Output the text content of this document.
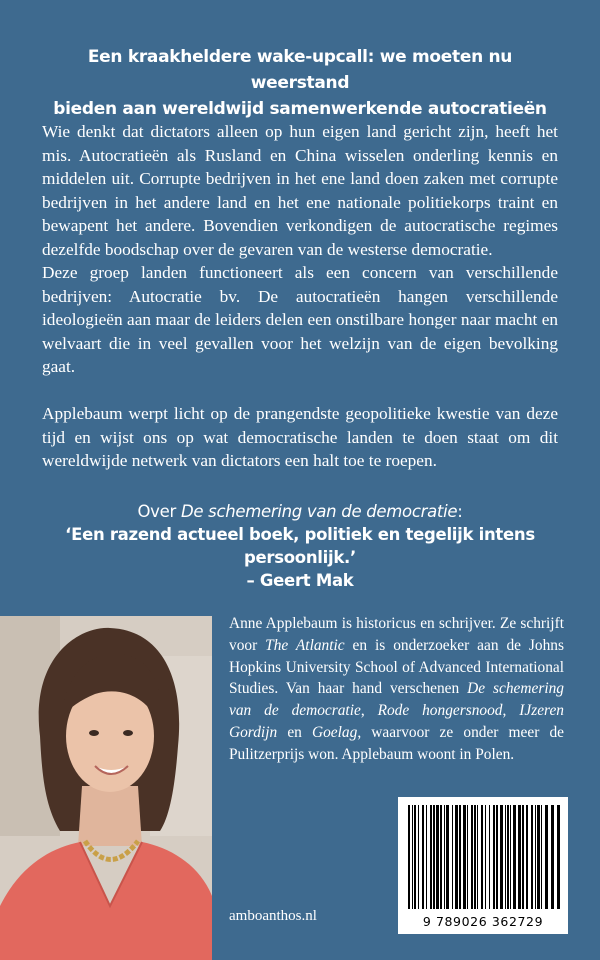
Een kraakheldere wake-upcall: we moeten nu weerstand
bieden aan wereldwijd samenwerkende autocratieën

Wie denkt dat dictators alleen op hun eigen land gericht zijn, heeft het mis. Autocratieën als Rusland en China wisselen onderling kennis en middelen uit. Corrupte bedrijven in het ene land doen zaken met corrupte bedrijven in het andere land en het ene nationale politiekorps traint en bewapent het andere. Bovendien verkondigen de autocratische regimes dezelfde boodschap over de gevaren van de westerse democratie.

Deze groep landen functioneert als een concern van verschillende bedrijven: Autocratie bv. De autocratieën hangen verschillende ideologieën aan maar de leiders delen een onstilbare honger naar macht en welvaart die in veel gevallen voor het welzijn van de eigen bevolking gaat.

Applebaum werpt licht op de prangendste geopolitieke kwestie van deze tijd en wijst ons op wat democratische landen te doen staat om dit wereldwijde netwerk van dictators een halt toe te roepen.

Over De schemering van de democratie:
‘Een razend actueel boek, politiek en tegelijk intens persoonlijk.’
– Geert Mak

Anne Applebaum is historicus en schrijver. Ze schrijft voor The Atlantic en is onderzoeker aan de Johns Hopkins University School of Advanced International Studies. Van haar hand verschenen De schemering van de democratie, Rode hongersnood, IJzeren Gordijn en Goelag, waarvoor ze onder meer de Pulitzerprijs won. Applebaum woont in Polen.

9 789026 362729
amboanthos.nl
